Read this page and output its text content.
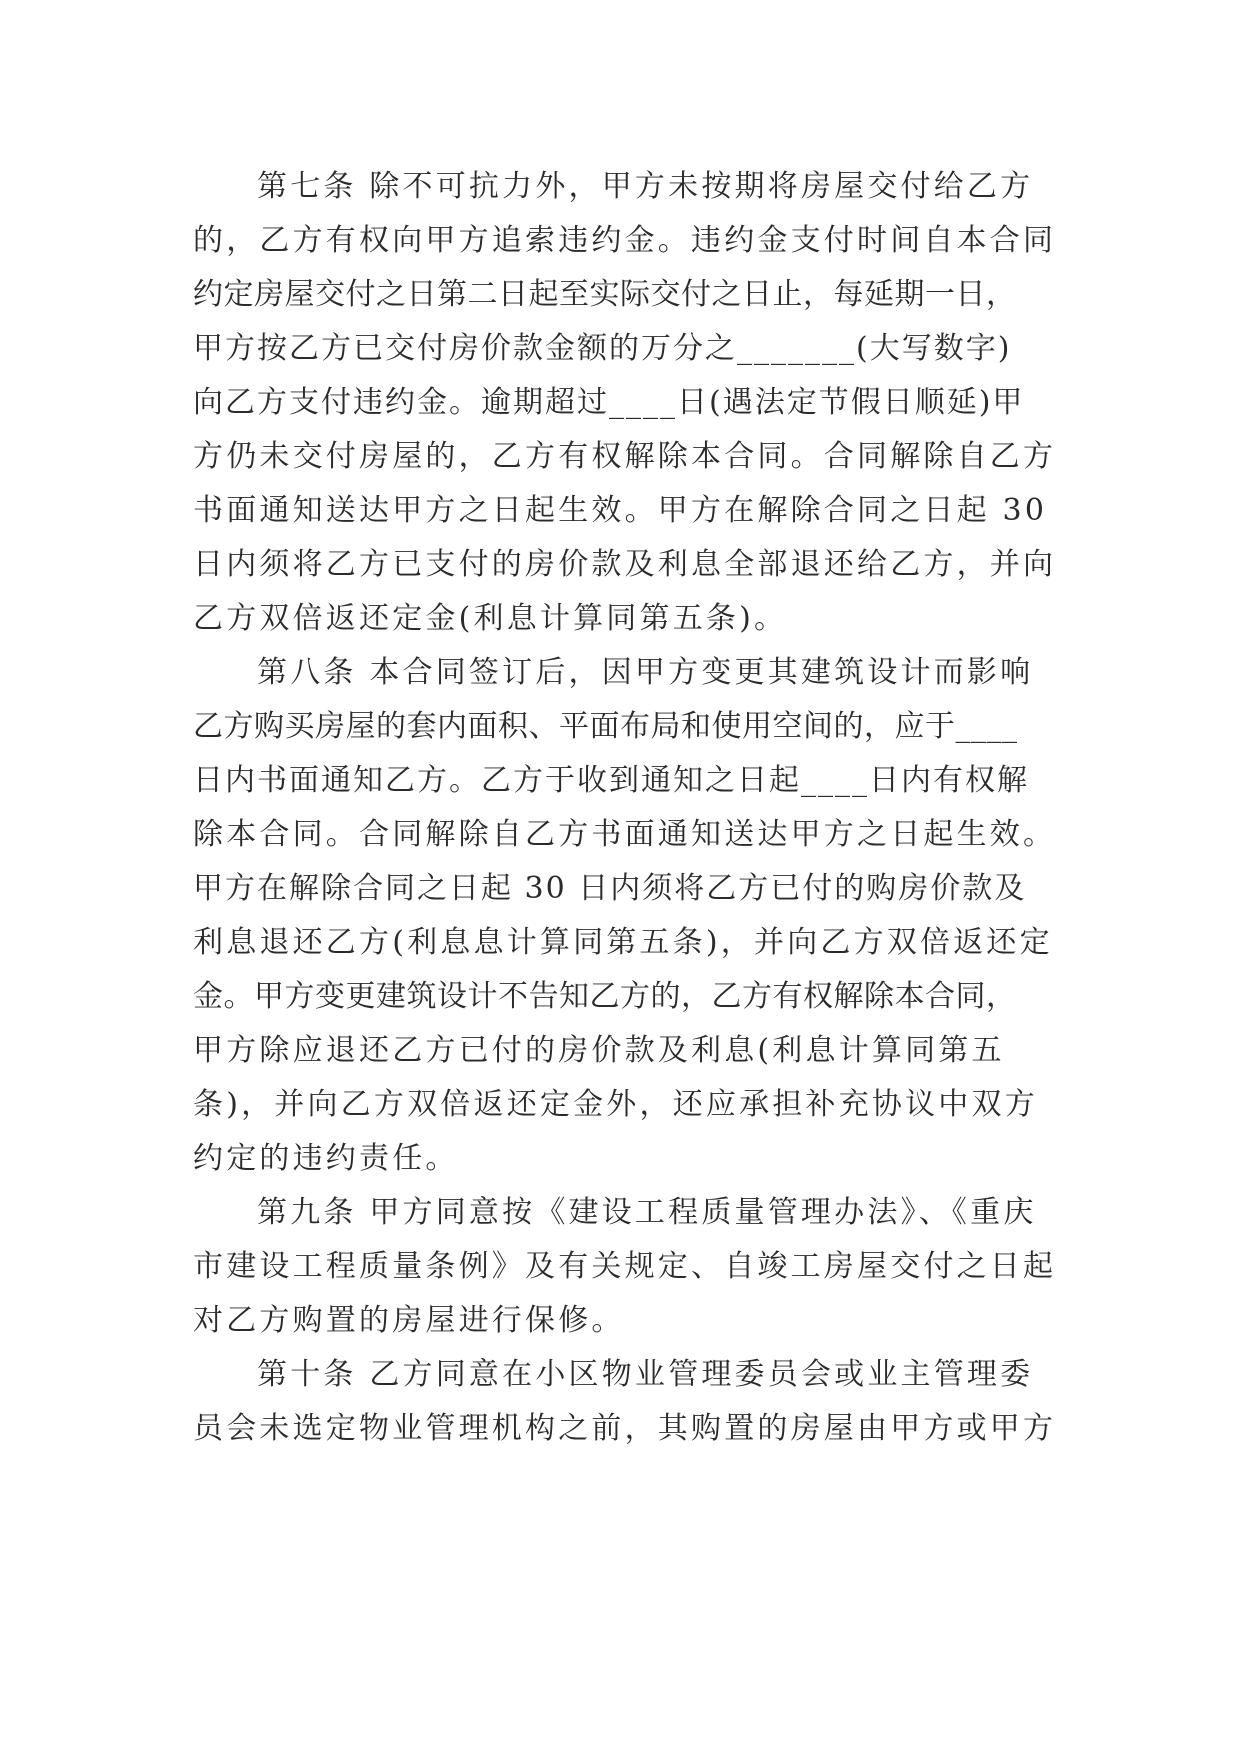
第七条 除不可抗力外，甲方未按期将房屋交付给乙方
的，乙方有权向甲方追索违约金。违约金支付时间自本合同
约定房屋交付之日第二日起至实际交付之日止，每延期一日，
甲方按乙方已交付房价款金额的万分之_______(大写数字)
向乙方支付违约金。逾期超过____日(遇法定节假日顺延)甲
方仍未交付房屋的，乙方有权解除本合同。合同解除自乙方
书面通知送达甲方之日起生效。甲方在解除合同之日起 30
日内须将乙方已支付的房价款及利息全部退还给乙方，并向
乙方双倍返还定金(利息计算同第五条)。
第八条 本合同签订后，因甲方变更其建筑设计而影响
乙方购买房屋的套内面积、平面布局和使用空间的，应于____
日内书面通知乙方。乙方于收到通知之日起____日内有权解
除本合同。合同解除自乙方书面通知送达甲方之日起生效。
甲方在解除合同之日起 30 日内须将乙方已付的购房价款及
利息退还乙方(利息息计算同第五条)，并向乙方双倍返还定
金。甲方变更建筑设计不告知乙方的，乙方有权解除本合同，
甲方除应退还乙方已付的房价款及利息(利息计算同第五
条)，并向乙方双倍返还定金外，还应承担补充协议中双方
约定的违约责任。
第九条 甲方同意按《建设工程质量管理办法》、《重庆
市建设工程质量条例》及有关规定、自竣工房屋交付之日起
对乙方购置的房屋进行保修。
第十条 乙方同意在小区物业管理委员会或业主管理委
员会未选定物业管理机构之前，其购置的房屋由甲方或甲方
